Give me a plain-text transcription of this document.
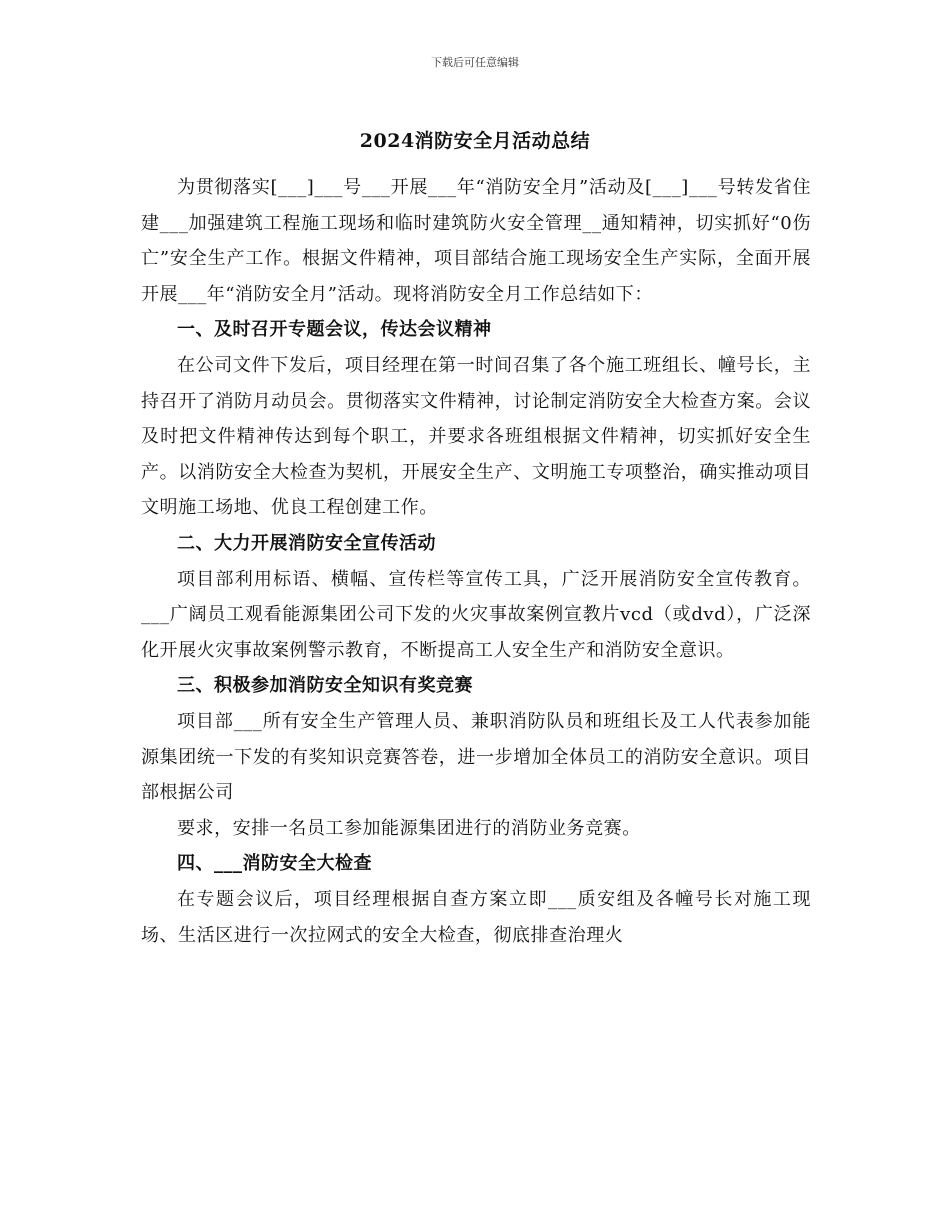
下载后可任意编辑
2024消防安全月活动总结

为贯彻落实[___]___号___开展___年“消防安全月”活动及[___]___号转发省住建___加强建筑工程施工现场和临时建筑防火安全管理__通知精神，切实抓好“0伤亡”安全生产工作。根据文件精神，项目部结合施工现场安全生产实际，全面开展开展___年“消防安全月”活动。现将消防安全月工作总结如下：

一、及时召开专题会议，传达会议精神

在公司文件下发后，项目经理在第一时间召集了各个施工班组长、幢号长，主持召开了消防月动员会。贯彻落实文件精神，讨论制定消防安全大检查方案。会议及时把文件精神传达到每个职工，并要求各班组根据文件精神，切实抓好安全生产。以消防安全大检查为契机，开展安全生产、文明施工专项整治，确实推动项目文明施工场地、优良工程创建工作。

二、大力开展消防安全宣传活动

项目部利用标语、横幅、宣传栏等宣传工具，广泛开展消防安全宣传教育。___广阔员工观看能源集团公司下发的火灾事故案例宣教片vcd（或dvd），广泛深化开展火灾事故案例警示教育，不断提高工人安全生产和消防安全意识。

三、积极参加消防安全知识有奖竞赛

项目部___所有安全生产管理人员、兼职消防队员和班组长及工人代表参加能源集团统一下发的有奖知识竞赛答卷，进一步增加全体员工的消防安全意识。项目部根据公司

要求，安排一名员工参加能源集团进行的消防业务竞赛。

四、___消防安全大检查

在专题会议后，项目经理根据自查方案立即___质安组及各幢号长对施工现场、生活区进行一次拉网式的安全大检查，彻底排查治理火
